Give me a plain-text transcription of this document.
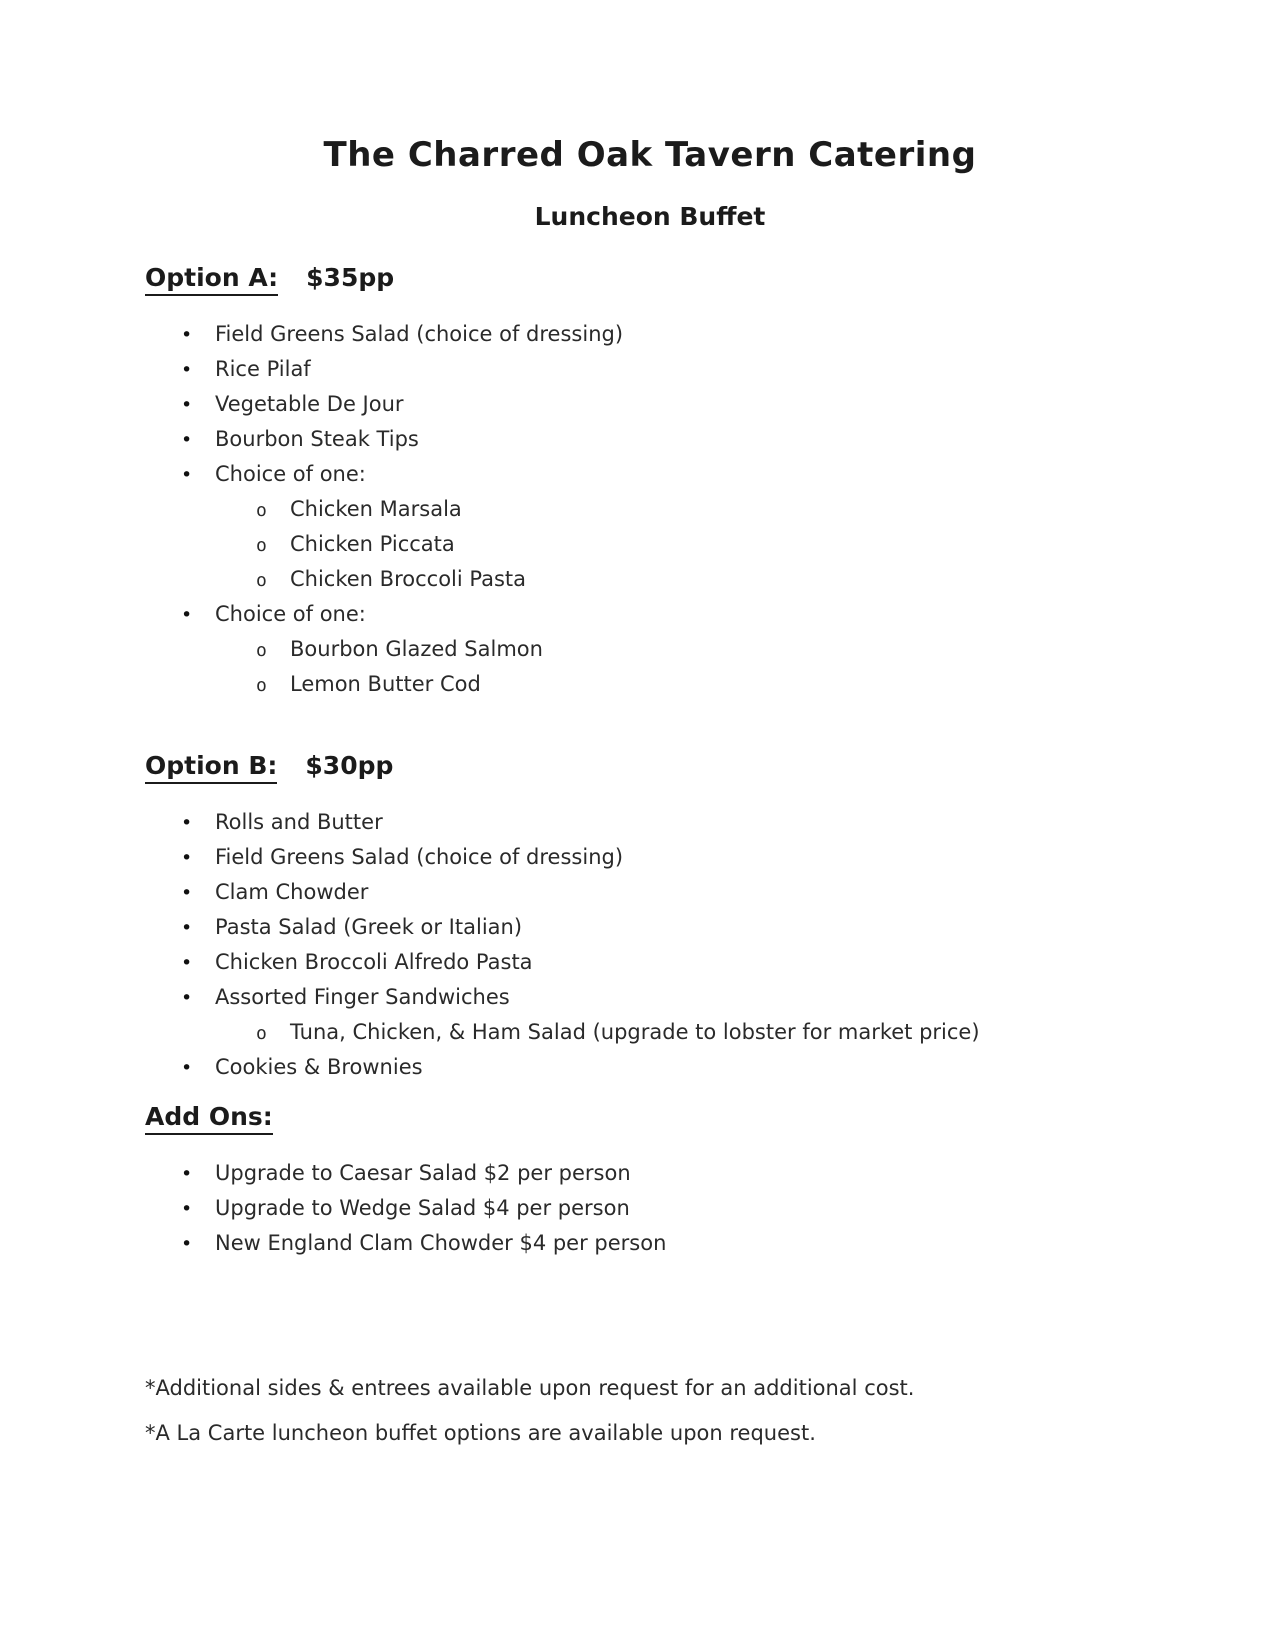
The Charred Oak Tavern Catering
Luncheon Buffet
Option A: $35pp
•	Field Greens Salad (choice of dressing)
•	Rice Pilaf
•	Vegetable De Jour
•	Bourbon Steak Tips
•	Choice of one:
o	Chicken Marsala
o	Chicken Piccata
o	Chicken Broccoli Pasta
•	Choice of one:
o	Bourbon Glazed Salmon
o	Lemon Butter Cod
Option B: $30pp
•	Rolls and Butter
•	Field Greens Salad (choice of dressing)
•	Clam Chowder
•	Pasta Salad (Greek or Italian)
•	Chicken Broccoli Alfredo Pasta
•	Assorted Finger Sandwiches
o	Tuna, Chicken, & Ham Salad (upgrade to lobster for market price)
•	Cookies & Brownies
Add Ons:
•	Upgrade to Caesar Salad $2 per person
•	Upgrade to Wedge Salad $4 per person
•	New England Clam Chowder $4 per person

*Additional sides & entrees available upon request for an additional cost.

*A La Carte luncheon buffet options are available upon request.
